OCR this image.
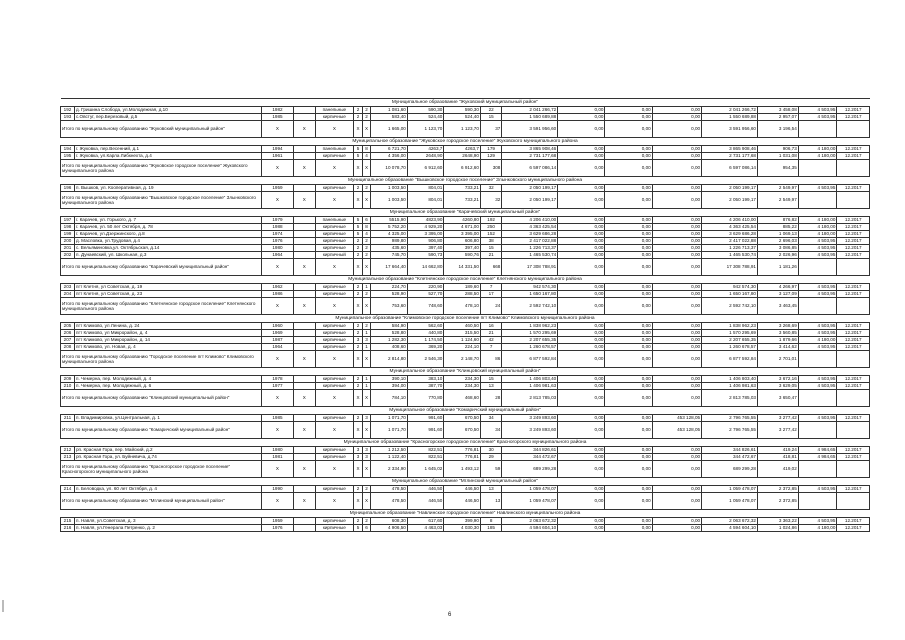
Муниципальное образование "Жуковский муниципальный район"																		
192	д. Гришина Слобода, ул.Молодежная, д.10	1982		панельные	2	2	1 081,60	590,30	590,30	22	2 041 266,72	0,00	0,00	0,00	2 041 266,72	3 458,08	4 503,95	12.2017
193	с.Овстуг, пер.Березовый, д.5	1985		кирпичные	2	2	583,40	524,40	524,40	15	1 550 689,88	0,00	0,00	0,00	1 550 689,88	2 957,07	4 503,95	12.2017
Итого по муниципальному образованию "Жуковский муниципальный район"		X	X	X	X	X	1 665,00	1 123,70	1 123,70	37	3 591 956,60	0,00	0,00	0,00	3 591 956,60	3 196,54		
Муниципальное образование "Жуковское городское поселение" Жуковского муниципального района																		
194	г. Жуковка, пер.Весенний, д.1	1994		панельные	5	8	6 721,70	4263,7	4263,7	179	3 865 908,46	0,00	0,00	0,00	3 865 908,46	906,73	4 180,00	12.2017
195	г. Жуковка, ул.Карла Либкнехта, д.4	1961		кирпичные	5	4	4 356,00	2648,90	2648,90	129	2 731 177,68	0,00	0,00	0,00	2 731 177,68	1 031,08	4 180,00	12.2017
Итого по муниципальному образованию "Жуковское городское поселение" Жуковского муниципального района		X	X	X	X	X	10 078,70	6 912,60	6 912,60	308	6 597 086,14	0,00	0,00	0,00	6 597 086,14	954,35		
Муниципальное образование "Вышковское городское поселение" Злынковского муниципального района																		
196	п. Вышков, ул. Кооперативная, д. 19	1959		кирпичные	2	2	1 003,50	804,01	733,21	32	2 050 199,17	0,00	0,00	0,00	2 050 199,17	2 549,97	4 503,95	12.2017
Итого по муниципальному образованию "Вышковское городское поселение" Злынковского муниципального района		X	X	X	X	X	1 003,50	804,01	733,21	32	2 050 199,17	0,00	0,00	0,00	2 050 199,17	2 549,97		
Муниципальное образование "Карачевский муниципальный район"																		
197	г. Карачев, ул. Горького, д. 7	1979		панельные	5	6	5515,90	4823,90	4260,80	192	4 206 410,00	0,00	0,00	0,00	4 206 410,00	876,82	4 180,00	12.2017
198	г. Карачев, ул. 50 лет Октября, д. 78	1988		кирпичные	5	8	5 752,20	4 929,20	4 671,00	250	4 363 425,54	0,00	0,00	0,00	4 363 425,54	885,22	4 180,00	12.2017
199	г. Карачев, ул.Дзержинского, д.8	1974		кирпичные	5	4	4 325,00	3 395,00	3 395,00	152	3 629 686,28	0,00	0,00	0,00	3 629 686,28	1 069,13	4 180,00	12.2017
200	д. Масловка, ул.Трудовая, д.4	1976		кирпичные	2	2	989,80	906,80	606,80	38	2 417 022,88	0,00	0,00	0,00	2 417 022,88	2 696,03	4 503,95	12.2017
201	с. Вельяминовка,ул. Октябрьская, д.14	1980		кирпичные	2	2	435,60	397,40	397,40	15	1 226 713,37	0,00	0,00	0,00	1 226 713,37	3 086,85	4 503,95	12.2017
202	п. Дунаевский, ул. Школьная, д.3	1964		кирпичный	2	2	745,70	590,73	590,76	21	1 465 530,74	0,00	0,00	0,00	1 465 530,74	2 026,96	4 503,95	12.2017
Итого по муниципальному образованию "Карачевский муниципальный район"		X	X	X	X	X	17 664,40	14 662,80	14 331,50	668	17 308 788,91	0,00	0,00	0,00	17 308 788,91	1 181,26		
Муниципальное образование "Клетнянское городское поселение" Клетнянского муниципального района																		
203	пгт Клетня, ул Советская, д. 19	1962		кирпичные	2	1	224,70	220,90	189,60	7	942 574,30	0,00	0,00	0,00	942 574,30	4 266,97	4 503,95	12.2017
204	пгт Клетня, ул Советская, д. 23	1986		кирпичные	2	2	528,90	527,70	288,50	17	1 650 167,80	0,00	0,00	0,00	1 650 167,80	3 127,09	4 503,95	12.2017
Итого по муниципальному образованию "Клетнянское городское поселение" Клетнянского муниципального района		X	X	X	X	X	753,60	748,60	478,10	24	2 592 742,10	0,00	0,00	0,00	2 592 742,10	3 463,45		
Муниципальное образование "Климовское городское поселение пгт Климово" Климовского муниципального района																		
205	пгт Климово, ул Ленина, д. 24	1960		кирпичные	2	2	584,90	562,60	460,50	16	1 838 962,23	0,00	0,00	0,00	1 838 962,23	3 268,69	4 503,95	12.2017
206	пгт Климово, ул Микрорайон, д. 4	1969		кирпичные	2	1	528,80	440,80	315,50	21	1 570 295,69	0,00	0,00	0,00	1 570 295,69	3 560,85	4 503,95	12.2017
207	пгт Климово, ул Микрорайон, д. 14	1987		кирпичные	3	3	1 282,30	1 174,50	1 124,60	42	2 207 655,35	0,00	0,00	0,00	2 207 655,35	1 879,66	4 180,00	12.2017
208	пгт Климово, ул. Новая, д. 4	1964		кирпичные	2	1	408,60	369,20	224,10	7	1 260 678,57	0,00	0,00	0,00	1 260 678,57	3 414,62	4 503,95	12.2017
Итого по муниципальному образованию "Городское поселение пгт Климово" Климовского муниципального района		X	X	X	X	X	2 814,80	2 546,30	2 148,70	86	6 877 592,84	0,00	0,00	0,00	6 877 592,84	2 701,01		
Муниципальное образование "Клинцовский муниципальный район"																		
209	п. Чемерна, пер. Молодежный, д. 4	1978		кирпичные	2	1	390,10	383,10	234,30	15	1 406 803,40	0,00	0,00	0,00	1 406 803,40	3 672,16	4 503,95	12.2017
210	п. Чемерна, пер. Молодежный, д. 6	1977		кирпичные	2	1	394,00	387,70	234,30	13	1 406 981,63	0,00	0,00	0,00	1 406 981,63	3 629,05	4 503,95	12.2017
Итого по муниципальному образованию "Клинцовский муниципальный район"		X	X	X	X	X	784,10	770,80	468,60	28	2 813 785,03	0,00	0,00	0,00	2 813 785,03	3 650,47		
Муниципальное образование "Комаричский муниципальный район"																		
211	п. Владимировка, ул.Центральная, д. 1	1985		кирпичные	2	3	1 071,70	991,60	670,50	34	3 249 893,60	0,00	0,00	453 128,05	2 796 765,55	3 277,42	4 503,95	12.2017
Итого по муниципальному образованию "Комаричский муниципальный район"		X	X	X	X	X	1 071,70	991,60	670,50	34	3 249 893,60	0,00	0,00	453 128,05	2 796 765,55	3 277,42		
Муниципальное образование "Красногорское городское поселение" Красногорского муниципального района																		
212	рп. Красная Гора, пер. Майский, д.2	1980		кирпичные	3	3	1 212,50	822,51	776,81	30	344 826,61	0,00	0,00	0,00	344 826,61	419,24	4 984,65	12.2017
213	рп. Красная Гора, ул. Буйневича, д.74	1981		кирпичные	3	3	1 122,40	822,51	776,81	29	344 472,67	0,00	0,00	0,00	344 472,67	418,81	4 984,65	12.2017
Итого по муниципальному образованию "Красногорское городское поселение" Красногорского муниципального района		X	X	X	X	X	2 334,90	1 645,02	1 493,12	59	689 299,28	0,00	0,00	0,00	689 299,28	419,02		
Муниципальное образование "Мглинский муниципальный район"																		
214	п. Беловодка, ул. 60 лет Октября, д. 4	1990		кирпичные	2	2	478,50	446,50	446,50	13	1 059 478,07	0,00	0,00	0,00	1 059 478,07	2 372,85	4 503,95	12.2017
Итого по муниципальному образованию "Мглинский муниципальный район"		X	X	X	X	X	478,50	446,50	446,50	13	1 059 478,07	0,00	0,00	0,00	1 059 478,07	2 372,85		
Муниципальное образование "Навлинское городское поселение" Навлинского муниципального района																		
215	п. Навля, ул.Советская, д. 3	1959		кирпичные	2	2	608,30	617,60	399,90	8	2 063 672,32	0,00	0,00	0,00	2 063 672,32	3 363,22	4 503,95	12.2017
216	п. Навля, ул.Генерала Петренко, д. 2	1976		кирпичные	5	6	4 906,50	4 463,03	4 030,30	185	4 594 604,10	0,00	0,00	0,00	4 594 604,10	1 024,86	4 180,00	12.2017
6
